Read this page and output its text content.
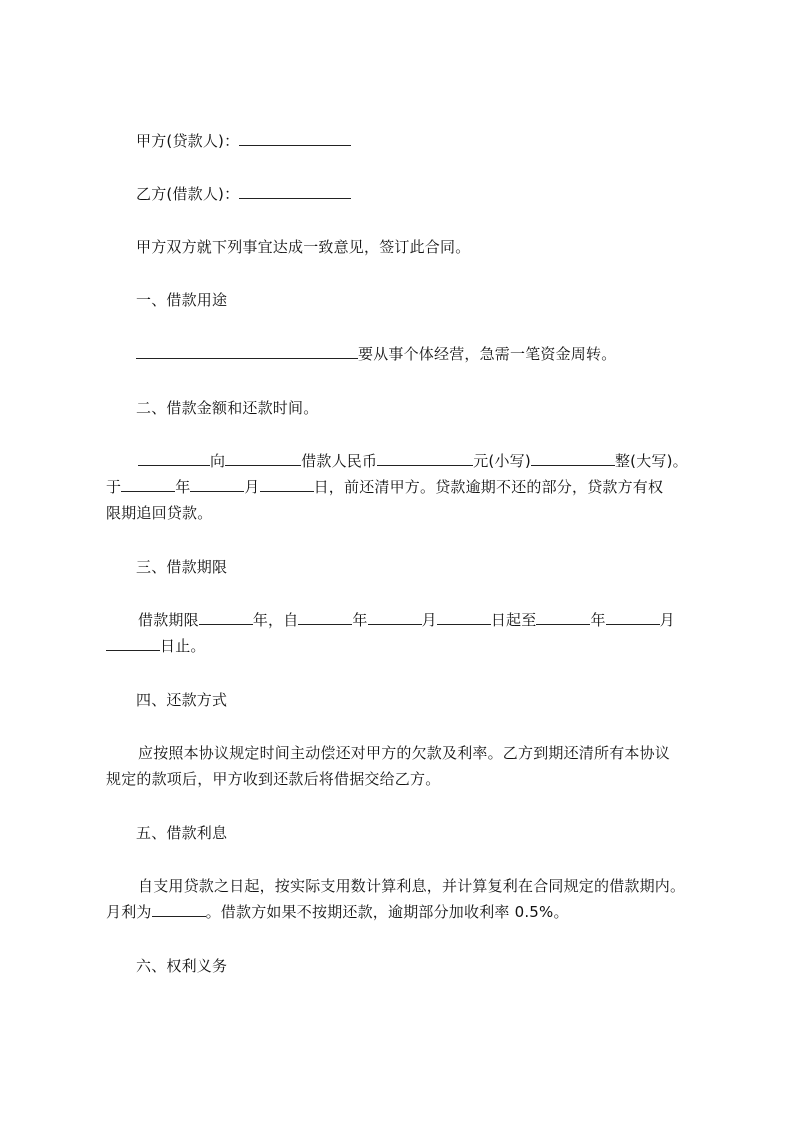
甲方(贷款人)：
乙方(借款人)：
甲方双方就下列事宜达成一致意见，签订此合同。
一、借款用途
要从事个体经营，急需一笔资金周转。
二、借款金额和还款时间。
向	借款人民币	元(小写)	整(大写)。
于	年	月	日，前还清甲方。贷款逾期不还的部分，贷款方有权
限期追回贷款。
三、借款期限
借款期限	年，自	年	月	日起至	年	月
日止。
四、还款方式
应按照本协议规定时间主动偿还对甲方的欠款及利率。乙方到期还清所有本协议
规定的款项后，甲方收到还款后将借据交给乙方。
五、借款利息
自支用贷款之日起，按实际支用数计算利息，并计算复利在合同规定的借款期内。
月利为	。借款方如果不按期还款，逾期部分加收利率 0.5%。
六、权利义务
